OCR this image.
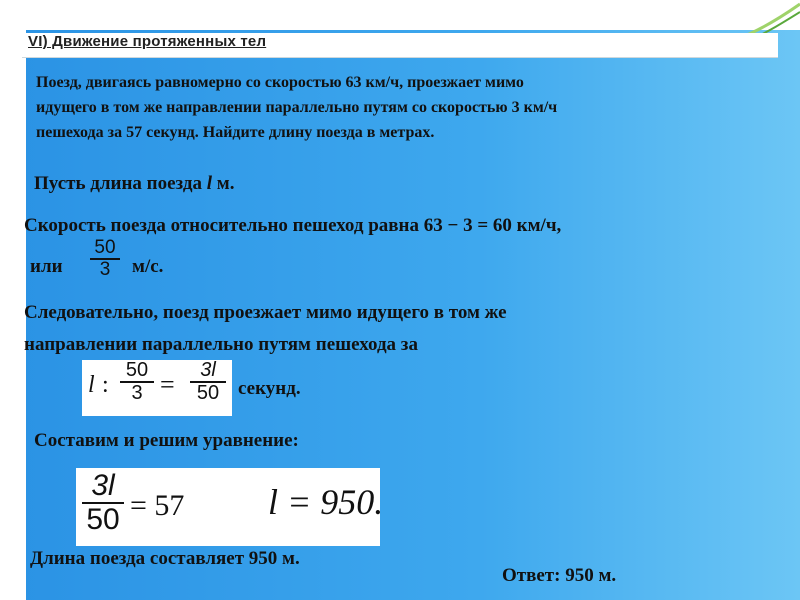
VI) Движение протяженных тел
Поезд, двигаясь равномерно со скоростью 63 км/ч, проезжает мимо
идущего в том же направлении параллельно путям со скоростью 3 км/ч
пешехода за 57 секунд. Найдите длину поезда в метрах.
Пусть длина поезда l м.
Скорость поезда относительно пешеход равна 63 − 3 = 60 км/ч,
или
50
3 м/с.
Следовательно, поезд проезжает мимо идущего в том же
направлении параллельно путям пешехода за
l :
50
3 = 3l
50 секунд.
Составим и решим уравнение:
3l
50 = 57 l = 950.
Длина поезда составляет 950 м.
Ответ: 950 м.
